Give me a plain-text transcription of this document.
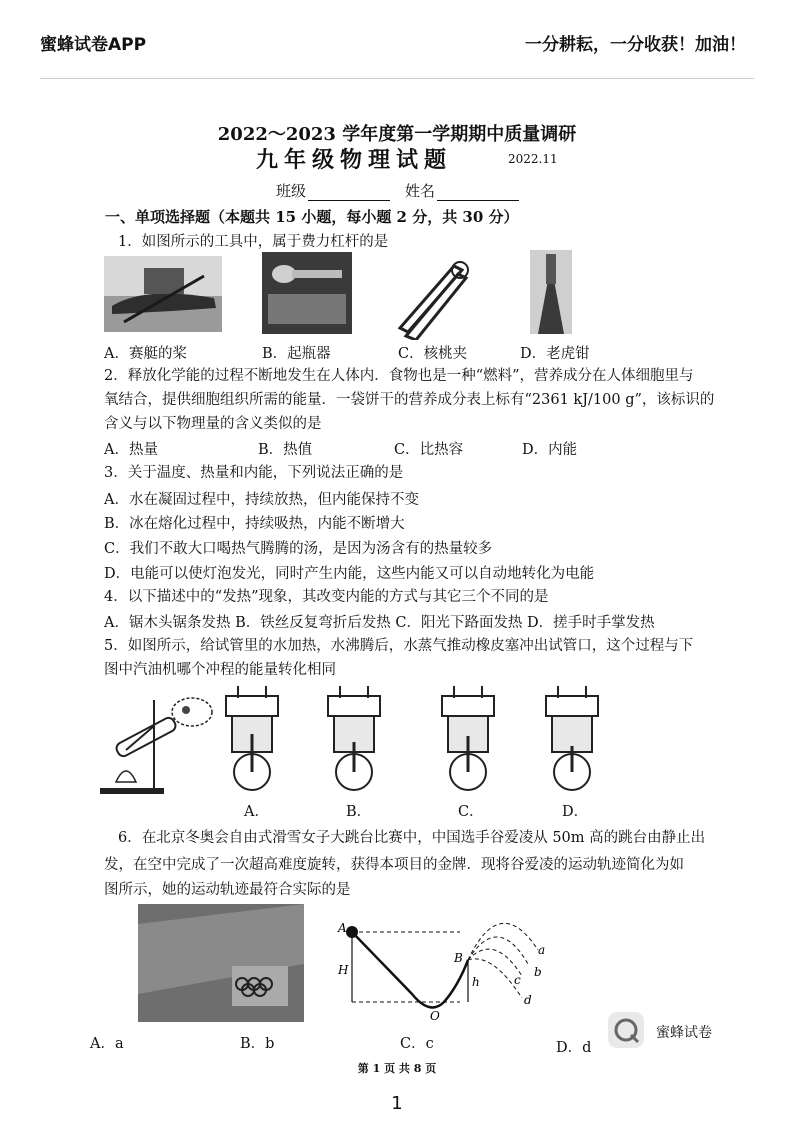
蜜蜂试卷APP	一分耕耘，一分收获！加油！
2022～2023 学年度第一学期期中质量调研
九年级物理试题	2022.11
班级	姓名
一、单项选择题（本题共 15 小题，每小题 2 分，共 30 分）
1．如图所示的工具中，属于费力杠杆的是
A．赛艇的桨	B．起瓶器	C．核桃夹	D．老虎钳
2．释放化学能的过程不断地发生在人体内．食物也是一种“燃料”，营养成分在人体细胞里与
氧结合，提供细胞组织所需的能量．一袋饼干的营养成分表上标有“2361 kJ/100 g”，该标识的
含义与以下物理量的含义类似的是
A．热量	B．热值	C．比热容	D．内能
3．关于温度、热量和内能，下列说法正确的是
A．水在凝固过程中，持续放热，但内能保持不变
B．冰在熔化过程中，持续吸热，内能不断增大
C．我们不敢大口喝热气腾腾的汤，是因为汤含有的热量较多
D．电能可以使灯泡发光，同时产生内能，这些内能又可以自动地转化为电能
4．以下描述中的“发热”现象，其改变内能的方式与其它三个不同的是
A．锯木头锯条发热 B．铁丝反复弯折后发热 C．阳光下路面发热 D．搓手时手掌发热
5．如图所示，给试管里的水加热，水沸腾后，水蒸气推动橡皮塞冲出试管口，这个过程与下
图中汽油机哪个冲程的能量转化相同
A．	B．	C．	D．
6．在北京冬奥会自由式滑雪女子大跳台比赛中，中国选手谷爱凌从 50m 高的跳台由静止出
发，在空中完成了一次超高难度旋转，获得本项目的金牌．现将谷爱凌的运动轨迹简化为如
图所示，她的运动轨迹最符合实际的是
A
H
h
B
O
a
b
c
d
A．a	B．b	C．c	D．d
蜜蜂试卷
第 1 页 共 8 页
1
